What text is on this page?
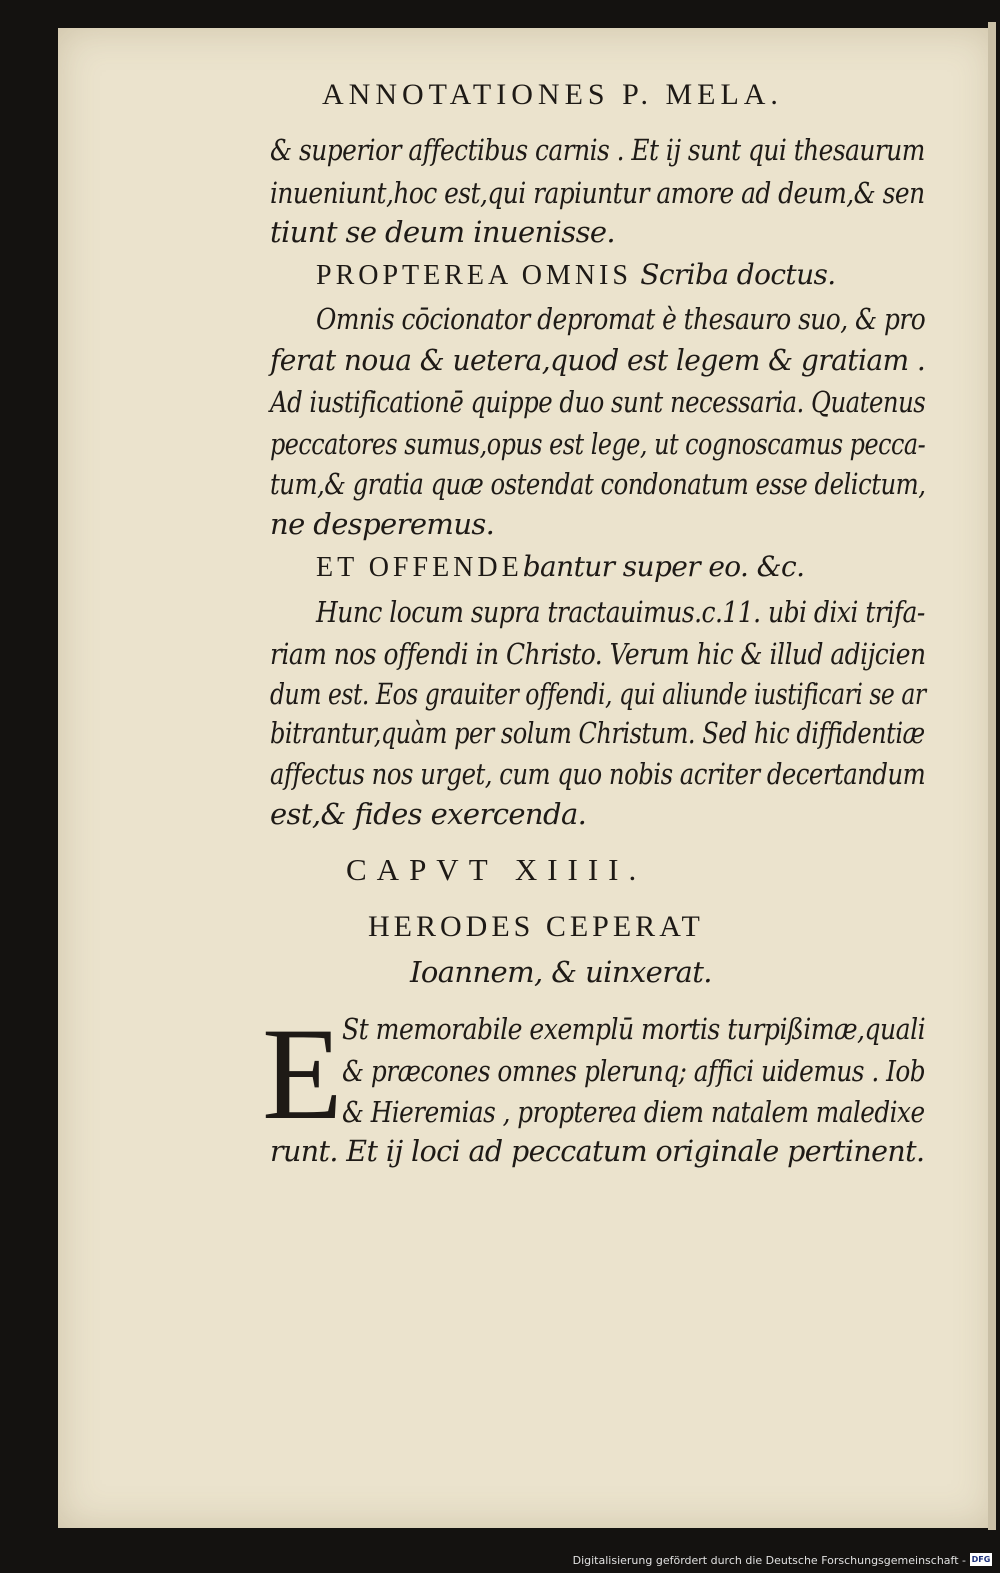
ANNOTATIONES P. MELA.
& superior affectibus carnis . Et ij sunt qui thesaurum
inueniunt,hoc est,qui rapiuntur amore ad deum,& sen
tiunt se deum inuenisse.
PROPTEREA OMNIS Scriba doctus.
Omnis cōcionator depromat è thesauro suo, & pro
ferat noua & uetera,quod est legem & gratiam .
Ad iustificationē quippe duo sunt necessaria. Quatenus
peccatores sumus,opus est lege, ut cognoscamus pecca-
tum,& gratia quæ ostendat condonatum esse delictum,
ne desperemus.
ET OFFENDEbantur super eo. &c.
Hunc locum supra tractauimus.c.11. ubi dixi trifa-
riam nos offendi in Christo. Verum hic & illud adijcien
dum est. Eos grauiter offendi, qui aliunde iustificari se ar
bitrantur,quàm per solum Christum. Sed hic diffidentiæ
affectus nos urget, cum quo nobis acriter decertandum
est,& fides exercenda.
CAPVT XIIII.
HERODES CEPERAT
Ioannem, & uinxerat.
E St memorabile exemplū mortis turpißimæ,quali
& præcones omnes plerunq; affici uidemus . Iob
& Hieremias , propterea diem natalem maledixe
runt. Et ij loci ad peccatum originale pertinent.
Digitalisierung gefördert durch die Deutsche Forschungsgemeinschaft - DFG
